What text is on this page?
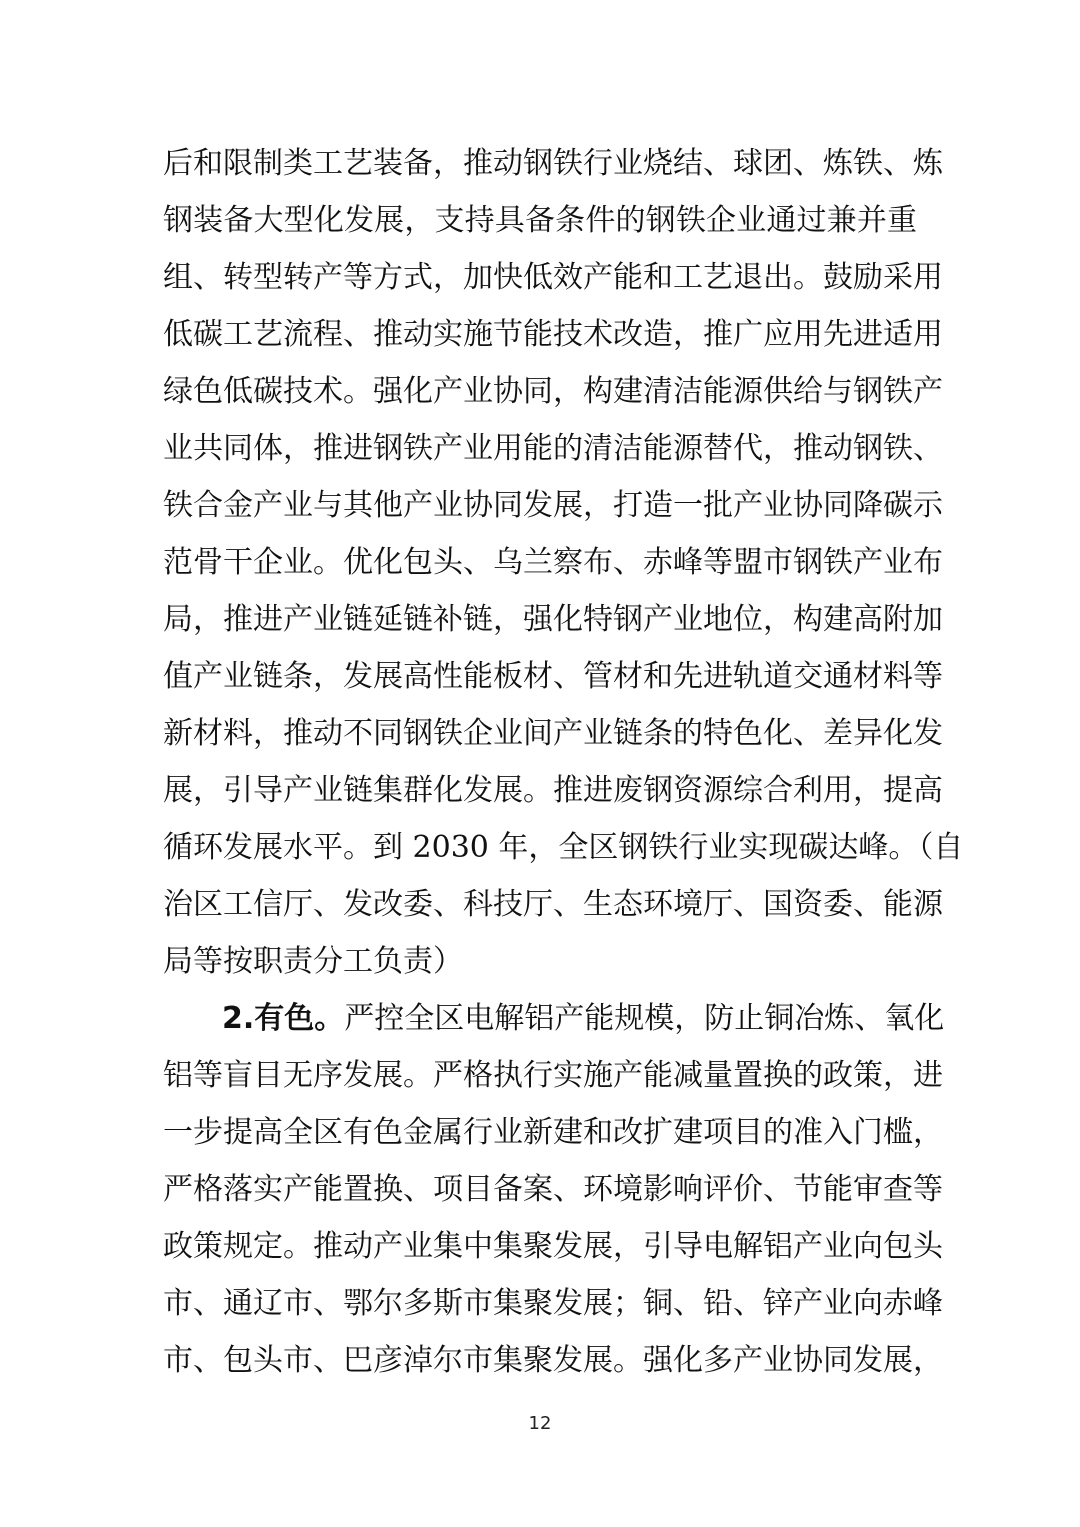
后和限制类工艺装备，推动钢铁行业烧结、球团、炼铁、炼
钢装备大型化发展，支持具备条件的钢铁企业通过兼并重
组、转型转产等方式，加快低效产能和工艺退出。鼓励采用
低碳工艺流程、推动实施节能技术改造，推广应用先进适用
绿色低碳技术。强化产业协同，构建清洁能源供给与钢铁产
业共同体，推进钢铁产业用能的清洁能源替代，推动钢铁、
铁合金产业与其他产业协同发展，打造一批产业协同降碳示
范骨干企业。优化包头、乌兰察布、赤峰等盟市钢铁产业布
局，推进产业链延链补链，强化特钢产业地位，构建高附加
值产业链条，发展高性能板材、管材和先进轨道交通材料等
新材料，推动不同钢铁企业间产业链条的特色化、差异化发
展，引导产业链集群化发展。推进废钢资源综合利用，提高
循环发展水平。到 2030 年，全区钢铁行业实现碳达峰。（自
治区工信厅、发改委、科技厅、生态环境厅、国资委、能源
局等按职责分工负责）
2.有色。严控全区电解铝产能规模，防止铜冶炼、氧化
铝等盲目无序发展。严格执行实施产能减量置换的政策，进
一步提高全区有色金属行业新建和改扩建项目的准入门槛，
严格落实产能置换、项目备案、环境影响评价、节能审查等
政策规定。推动产业集中集聚发展，引导电解铝产业向包头
市、通辽市、鄂尔多斯市集聚发展；铜、铅、锌产业向赤峰
市、包头市、巴彦淖尔市集聚发展。强化多产业协同发展，
12
